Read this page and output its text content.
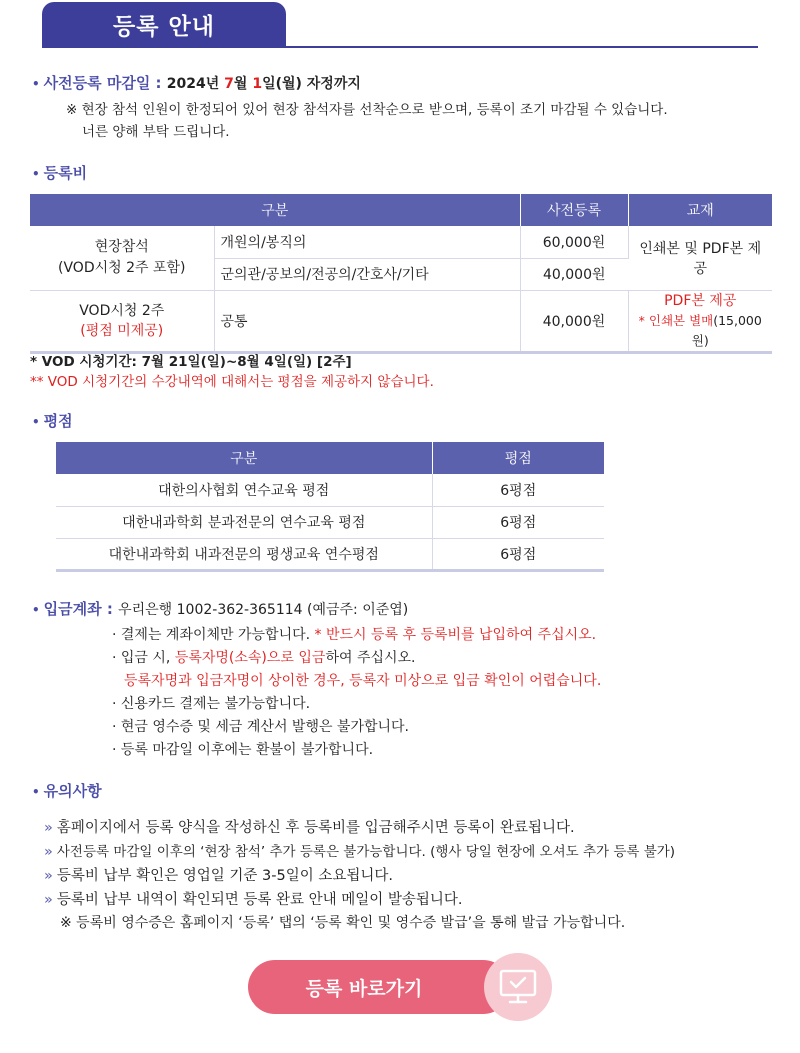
등록 안내
• 사전등록 마감일 : 2024년 7월 1일(월) 자정까지
※ 현장 참석 인원이 한정되어 있어 현장 참석자를 선착순으로 받으며, 등록이 조기 마감될 수 있습니다.
너른 양해 부탁 드립니다.
• 등록비
구분		사전등록	교재
현장참석
(VOD시청 2주 포함)	개원의/봉직의	60,000원	인쇄본 및 PDF본 제공
	군의관/공보의/전공의/간호사/기타	40,000원	
VOD시청 2주
(평점 미제공)	공통	40,000원	PDF본 제공
* 인쇄본 별매(15,000원)
* VOD 시청기간: 7월 21일(일)~8월 4일(일) [2주]
** VOD 시청기간의 수강내역에 대해서는 평점을 제공하지 않습니다.
• 평점
구분	평점
대한의사협회 연수교육 평점	6평점
대한내과학회 분과전문의 연수교육 평점	6평점
대한내과학회 내과전문의 평생교육 연수평점	6평점
• 입금계좌 : 우리은행 1002-362-365114 (예금주: 이준엽)
· 결제는 계좌이체만 가능합니다. * 반드시 등록 후 등록비를 납입하여 주십시오.
· 입금 시, 등록자명(소속)으로 입금하여 주십시오.
등록자명과 입금자명이 상이한 경우, 등록자 미상으로 입금 확인이 어렵습니다.
· 신용카드 결제는 불가능합니다.
· 현금 영수증 및 세금 계산서 발행은 불가합니다.
· 등록 마감일 이후에는 환불이 불가합니다.
• 유의사항
» 홈페이지에서 등록 양식을 작성하신 후 등록비를 입금해주시면 등록이 완료됩니다.
» 사전등록 마감일 이후의 ‘현장 참석’ 추가 등록은 불가능합니다. (행사 당일 현장에 오셔도 추가 등록 불가)
» 등록비 납부 확인은 영업일 기준 3-5일이 소요됩니다.
» 등록비 납부 내역이 확인되면 등록 완료 안내 메일이 발송됩니다.
※ 등록비 영수증은 홈페이지 ‘등록’ 탭의 ‘등록 확인 및 영수증 발급’을 통해 발급 가능합니다.
등록 바로가기
